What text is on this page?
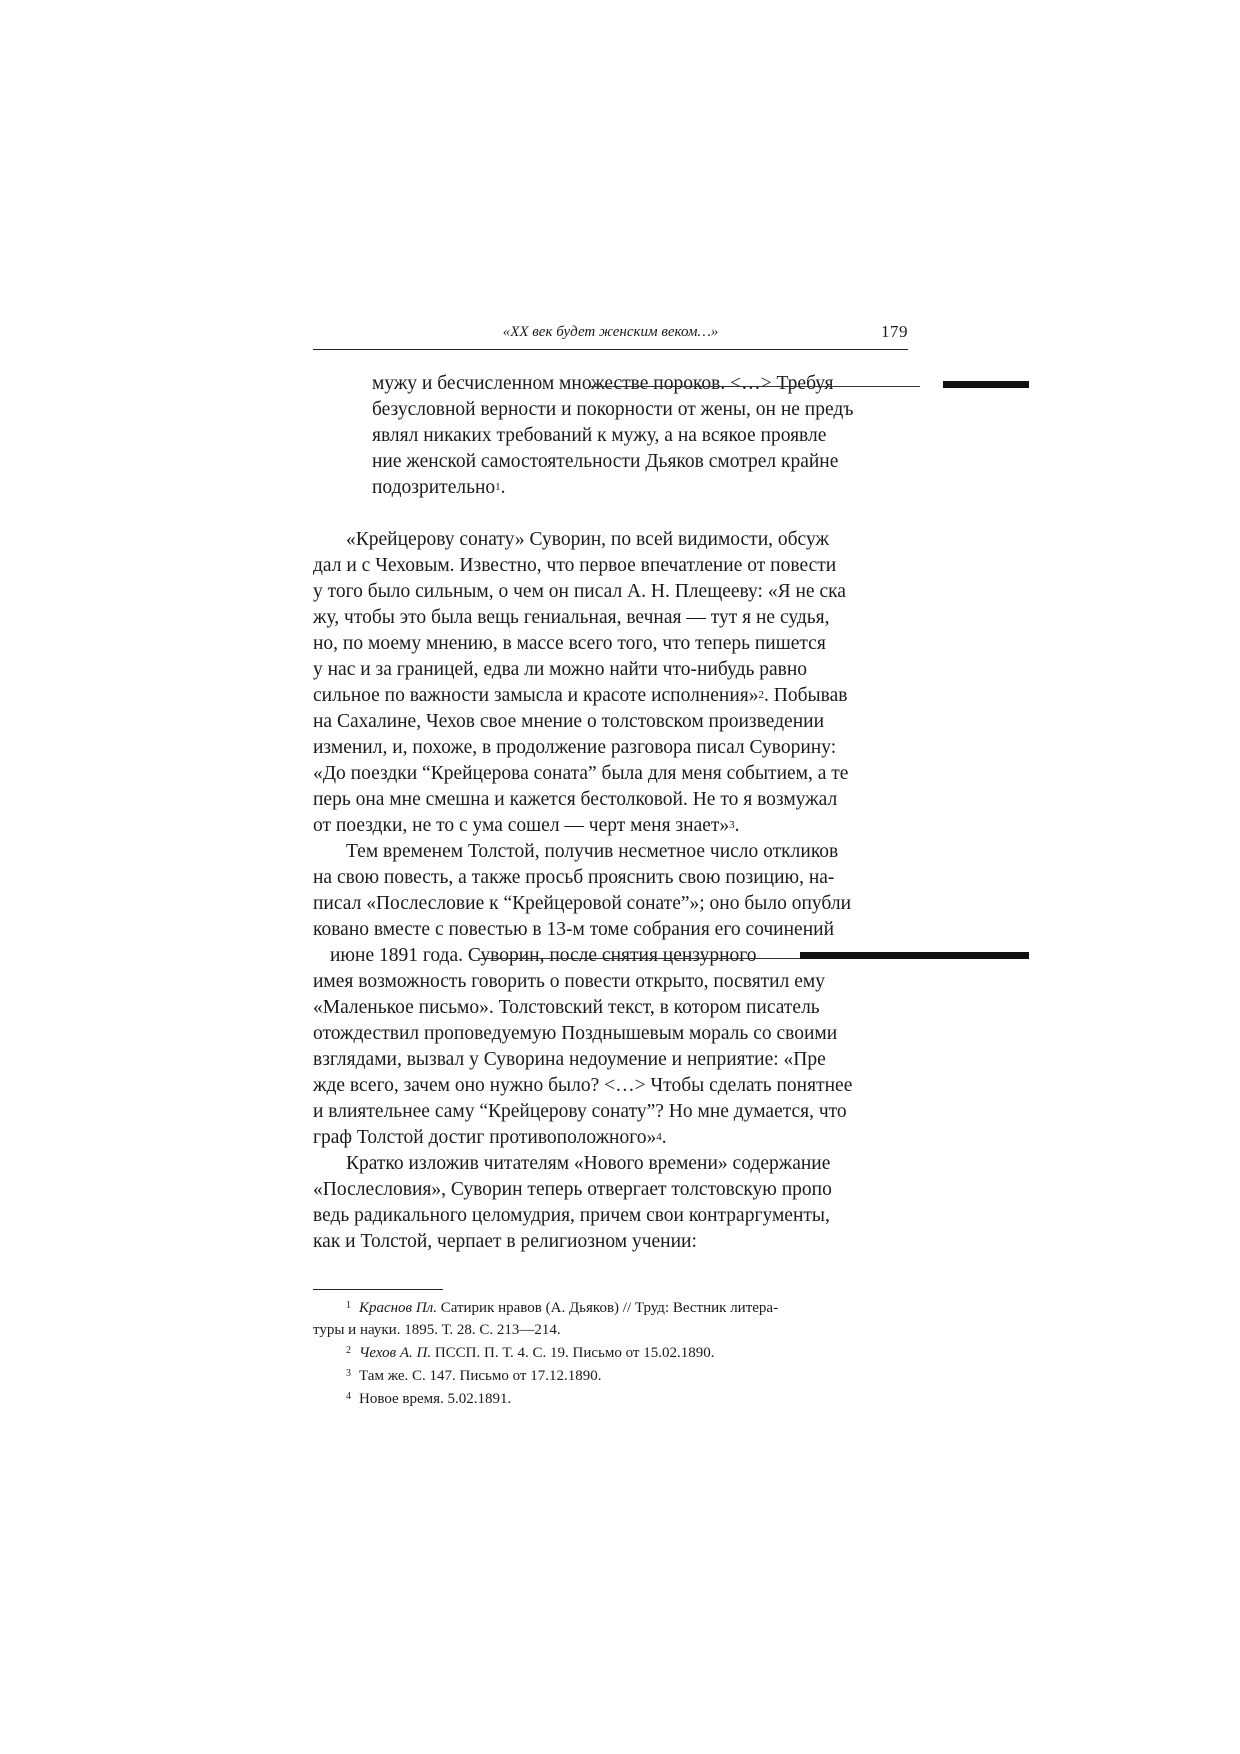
«XX век будет женским веком…»	179
мужу и бесчисленном множестве пороков. <…> Требуя
безусловной верности и покорности от жены, он не предъ
являл никаких требований к мужу, а на всякое проявле
ние женской самостоятельности Дьяков смотрел крайне
подозрительно$^1$.
«Крейцерову сонату» Суворин, по всей видимости, обсуж
дал и с Чеховым. Известно, что первое впечатление от повести
у того было сильным, о чем он писал А. Н. Плещееву: «Я не ска
жу, чтобы это была вещь гениальная, вечная — тут я не судья,
но, по моему мнению, в массе всего того, что теперь пишется
у нас и за границей, едва ли можно найти что-нибудь равно
сильное по важности замысла и красоте исполнения»$^2$. Побывав
на Сахалине, Чехов свое мнение о толстовском произведении
изменил, и, похоже, в продолжение разговора писал Суворину:
«До поездки “Крейцерова соната” была для меня событием, а те
перь она мне смешна и кажется бестолковой. Не то я возмужал
от поездки, не то с ума сошел — черт меня знает»$^3$.
Тем временем Толстой, получив несметное число откликов
на свою повесть, а также просьб прояснить свою позицию, на-
писал «Послесловие к “Крейцеровой сонате”»; оно было опубли
ковано вместе с повестью в 13-м томе собрания его сочинений
июне 1891 года. Суворин, после снятия цензурного
имея возможность говорить о повести открыто, посвятил ему
«Маленькое письмо». Толстовский текст, в котором писатель
отождествил проповедуемую Позднышевым мораль со своими
взглядами, вызвал у Суворина недоумение и неприятие: «Пре
жде всего, зачем оно нужно было? <…> Чтобы сделать понятнее
и влиятельнее саму “Крейцерову сонату”? Но мне думается, что
граф Толстой достиг противоположного»$^4$.
Кратко изложив читателям «Нового времени» содержание
«Послесловия», Суворин теперь отвергает толстовскую пропо
ведь радикального целомудрия, причем свои контраргументы,
как и Толстой, черпает в религиозном учении:
$^1$ Краснов Пл. Сатирик нравов (А. Дьяков) // Труд: Вестник литера-
туры и науки. 1895. Т. 28. С. 213—214.
$^2$ Чехов А. П. ПССП. П. Т. 4. С. 19. Письмо от 15.02.1890.
$^3$ Там же. С. 147. Письмо от 17.12.1890.
$^4$ Новое время. 5.02.1891.
